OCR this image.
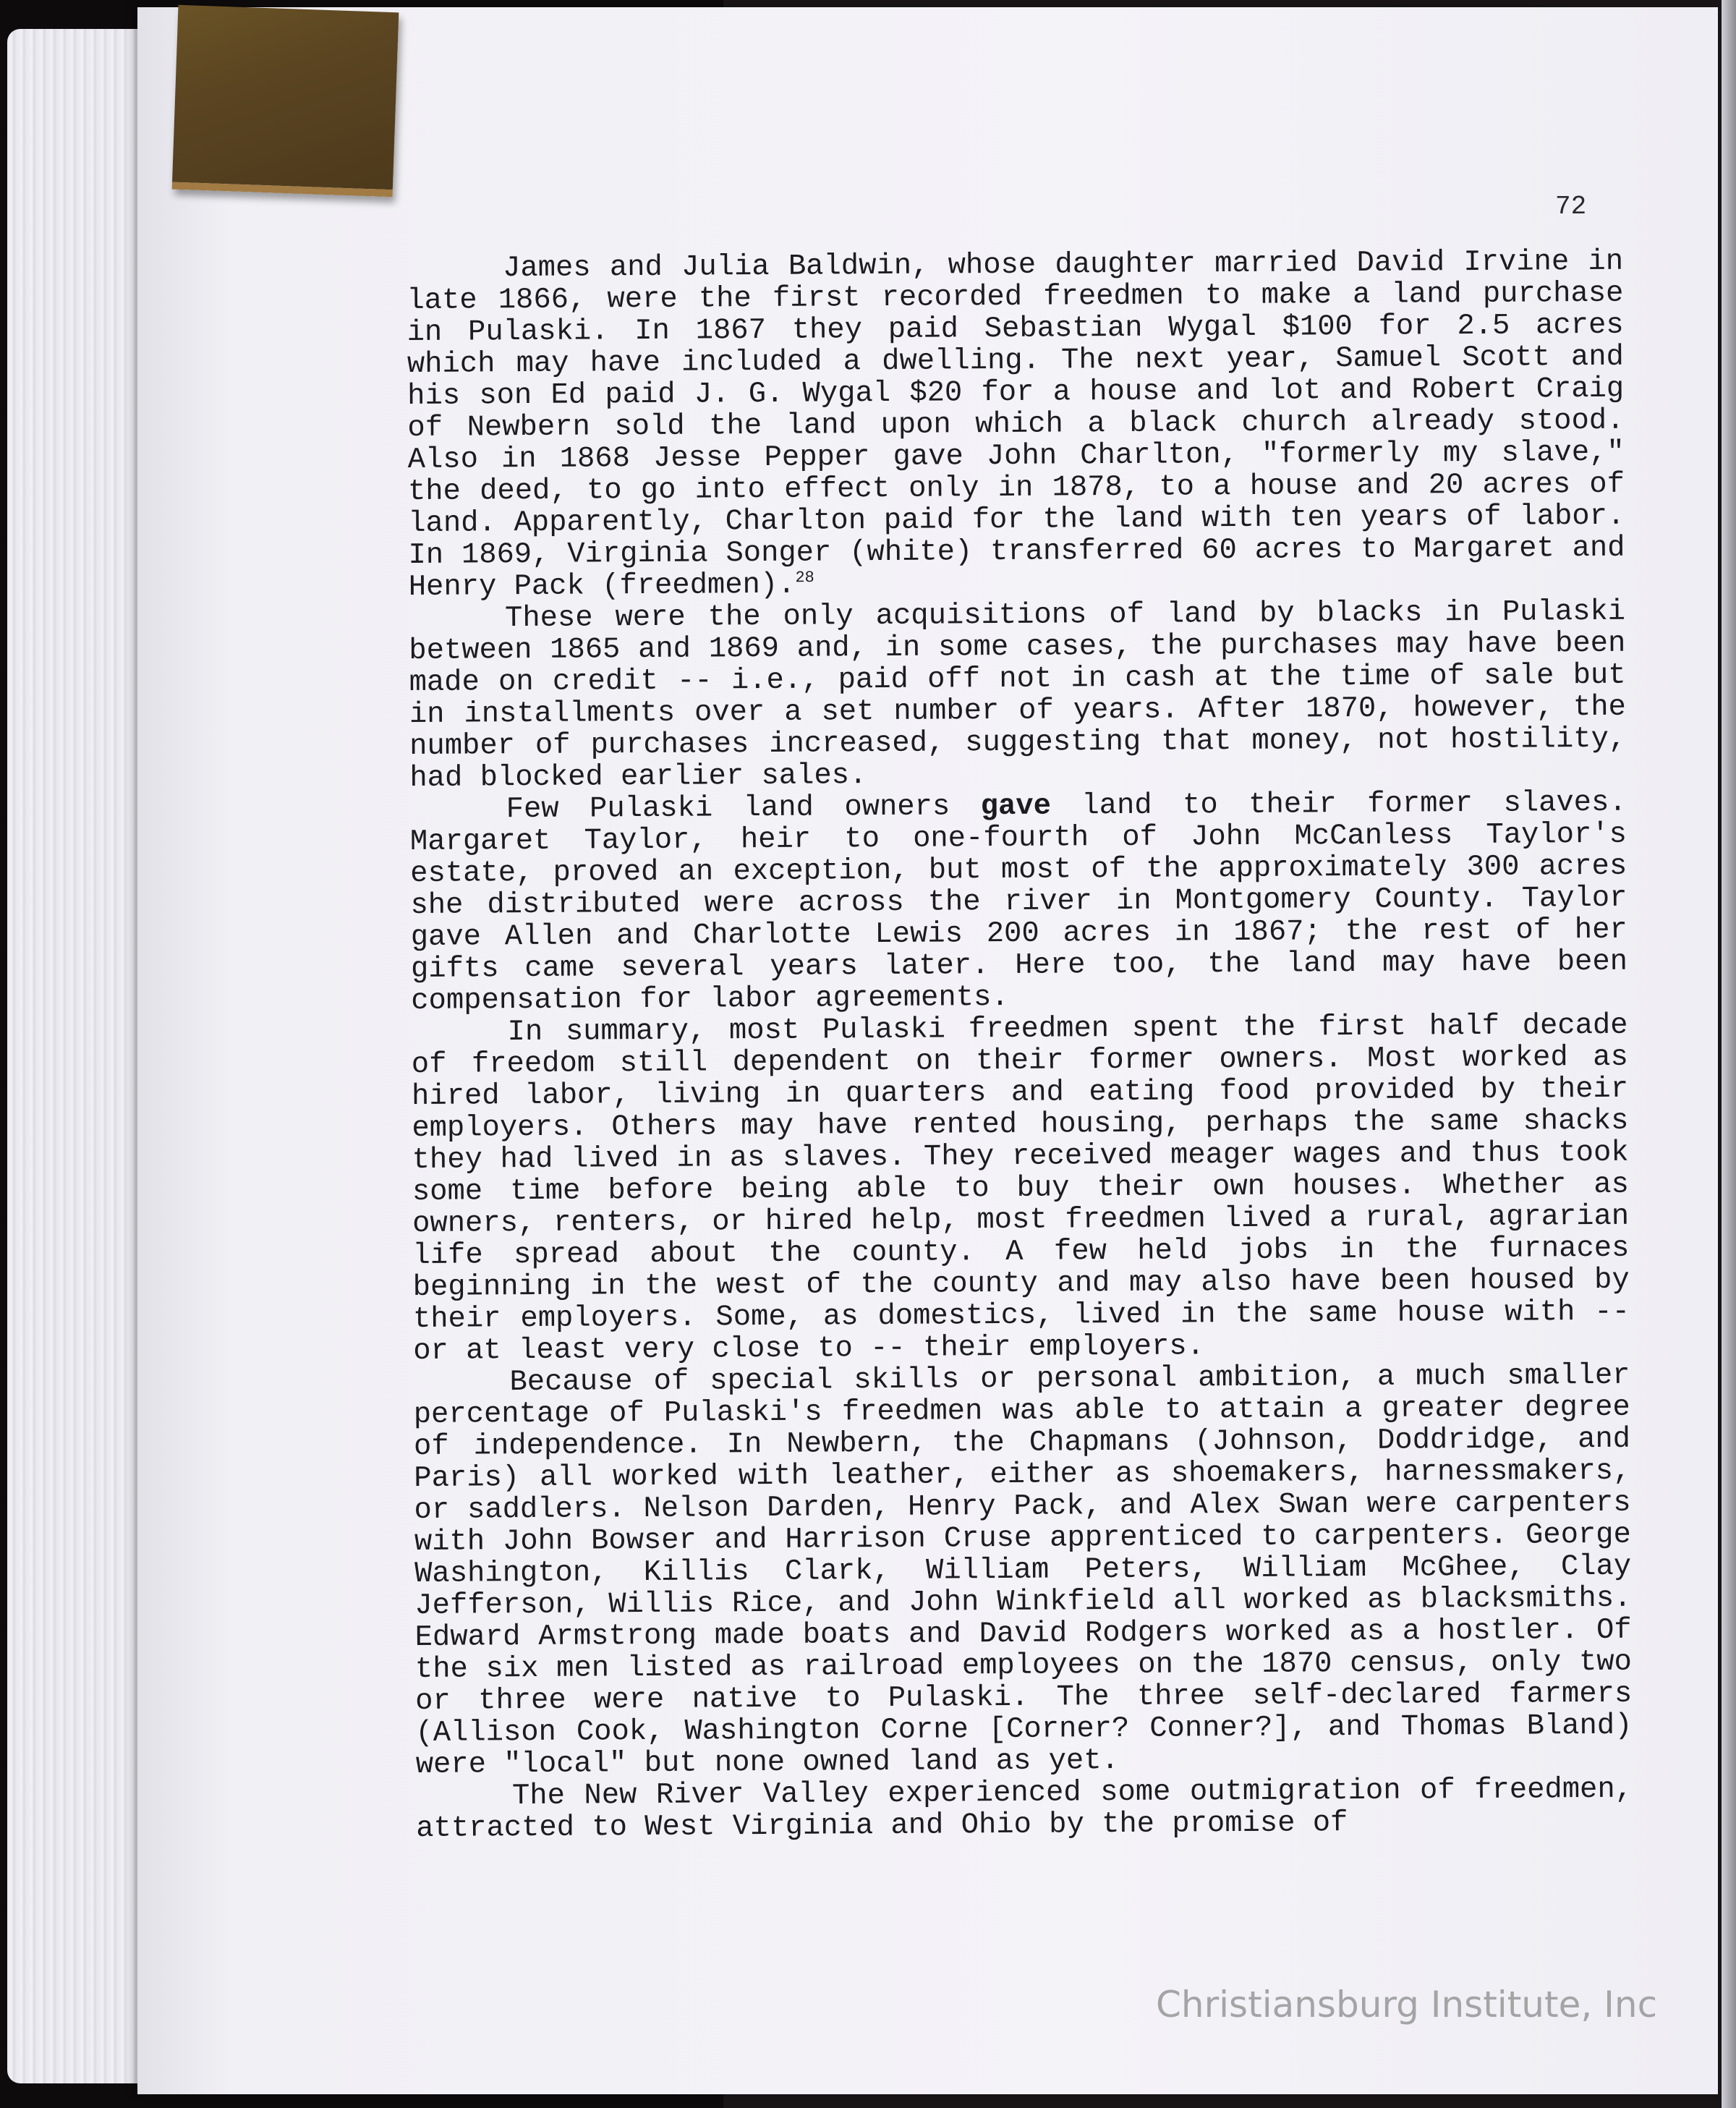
72

James and Julia Baldwin, whose daughter married David Irvine in late 1866, were the first recorded freedmen to make a land purchase in Pulaski. In 1867 they paid Sebastian Wygal $100 for 2.5 acres which may have included a dwelling. The next year, Samuel Scott and his son Ed paid J. G. Wygal $20 for a house and lot and Robert Craig of Newbern sold the land upon which a black church already stood. Also in 1868 Jesse Pepper gave John Charlton, "formerly my slave," the deed, to go into effect only in 1878, to a house and 20 acres of land. Apparently, Charlton paid for the land with ten years of labor. In 1869, Virginia Songer (white) transferred 60 acres to Margaret and Henry Pack (freedmen).$^{28}$

These were the only acquisitions of land by blacks in Pulaski between 1865 and 1869 and, in some cases, the purchases may have been made on credit -- i.e., paid off not in cash at the time of sale but in installments over a set number of years. After 1870, however, the number of purchases increased, suggesting that money, not hostility, had blocked earlier sales.

Few Pulaski land owners gave land to their former slaves. Margaret Taylor, heir to one-fourth of John McCanless Taylor's estate, proved an exception, but most of the approximately 300 acres she distributed were across the river in Montgomery County. Taylor gave Allen and Charlotte Lewis 200 acres in 1867; the rest of her gifts came several years later. Here too, the land may have been compensation for labor agreements.

In summary, most Pulaski freedmen spent the first half decade of freedom still dependent on their former owners. Most worked as hired labor, living in quarters and eating food provided by their employers. Others may have rented housing, perhaps the same shacks they had lived in as slaves. They received meager wages and thus took some time before being able to buy their own houses. Whether as owners, renters, or hired help, most freedmen lived a rural, agrarian life spread about the county. A few held jobs in the furnaces beginning in the west of the county and may also have been housed by their employers. Some, as domestics, lived in the same house with -- or at least very close to -- their employers.

Because of special skills or personal ambition, a much smaller percentage of Pulaski's freedmen was able to attain a greater degree of independence. In Newbern, the Chapmans (Johnson, Doddridge, and Paris) all worked with leather, either as shoemakers, harnessmakers, or saddlers. Nelson Darden, Henry Pack, and Alex Swan were carpenters with John Bowser and Harrison Cruse apprenticed to carpenters. George Washington, Killis Clark, William Peters, William McGhee, Clay Jefferson, Willis Rice, and John Winkfield all worked as blacksmiths. Edward Armstrong made boats and David Rodgers worked as a hostler. Of the six men listed as railroad employees on the 1870 census, only two or three were native to Pulaski. The three self-declared farmers (Allison Cook, Washington Corne [Corner? Conner?], and Thomas Bland) were "local" but none owned land as yet.

The New River Valley experienced some outmigration of freedmen, attracted to West Virginia and Ohio by the promise of

Christiansburg Institute, Inc
